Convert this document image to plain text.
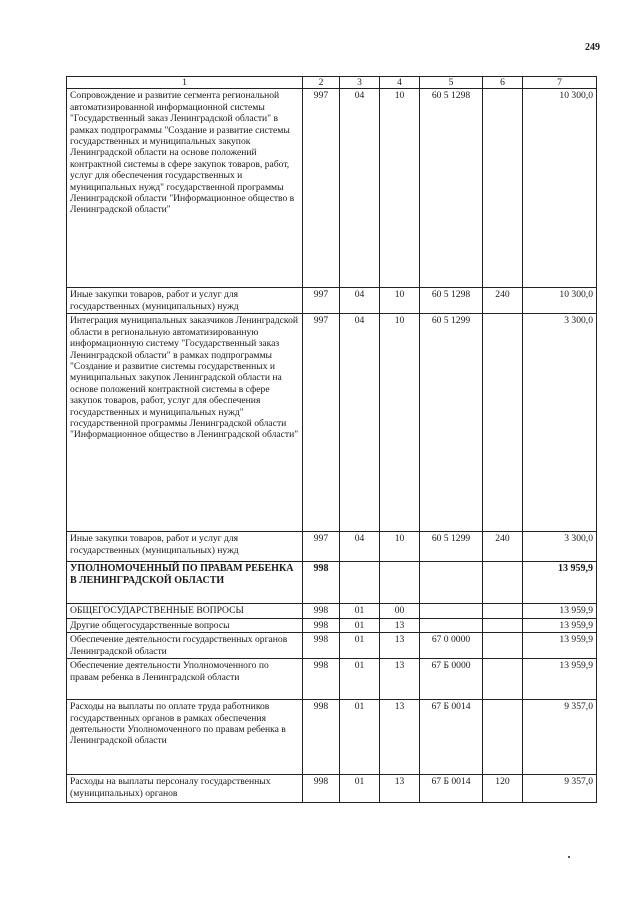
249
1	2	3	4	5	6	7
Сопровождение и развитие сегмента региональной автоматизированной информационной системы "Государственный заказ Ленинградской области" в рамках подпрограммы "Создание и развитие системы государственных и муниципальных закупок Ленинградской области на основе положений контрактной системы в сфере закупок товаров, работ, услуг для обеспечения государственных и муниципальных нужд" государственной программы Ленинградской области "Информационное общество в Ленинградской области"	997	04	10	60 5 1298		10 300,0
Иные закупки товаров, работ и услуг для государственных (муниципальных) нужд	997	04	10	60 5 1298	240	10 300,0
Интеграция муниципальных заказчиков Ленинградской области в региональную автоматизированную информационную систему "Государственный заказ Ленинградской области" в рамках подпрограммы "Создание и развитие системы государственных и муниципальных закупок Ленинградской области на основе положений контрактной системы в сфере закупок товаров, работ, услуг для обеспечения государственных и муниципальных нужд" государственной программы Ленинградской области "Информационное общество в Ленинградской области"	997	04	10	60 5 1299		3 300,0
Иные закупки товаров, работ и услуг для государственных (муниципальных) нужд	997	04	10	60 5 1299	240	3 300,0
УПОЛНОМОЧЕННЫЙ ПО ПРАВАМ РЕБЕНКА В ЛЕНИНГРАДСКОЙ ОБЛАСТИ	998					13 959,9
ОБЩЕГОСУДАРСТВЕННЫЕ ВОПРОСЫ	998	01	00			13 959,9
Другие общегосударственные вопросы	998	01	13			13 959,9
Обеспечение деятельности государственных органов Ленинградской области	998	01	13	67 0 0000		13 959,9
Обеспечение деятельности Уполномоченного по правам ребенка в Ленинградской области	998	01	13	67 Б 0000		13 959,9
Расходы на выплаты по оплате труда работников государственных органов в рамках обеспечения деятельности Уполномоченного по правам ребенка в Ленинградской области	998	01	13	67 Б 0014		9 357,0
Расходы на выплаты персоналу государственных (муниципальных) органов	998	01	13	67 Б 0014	120	9 357,0
